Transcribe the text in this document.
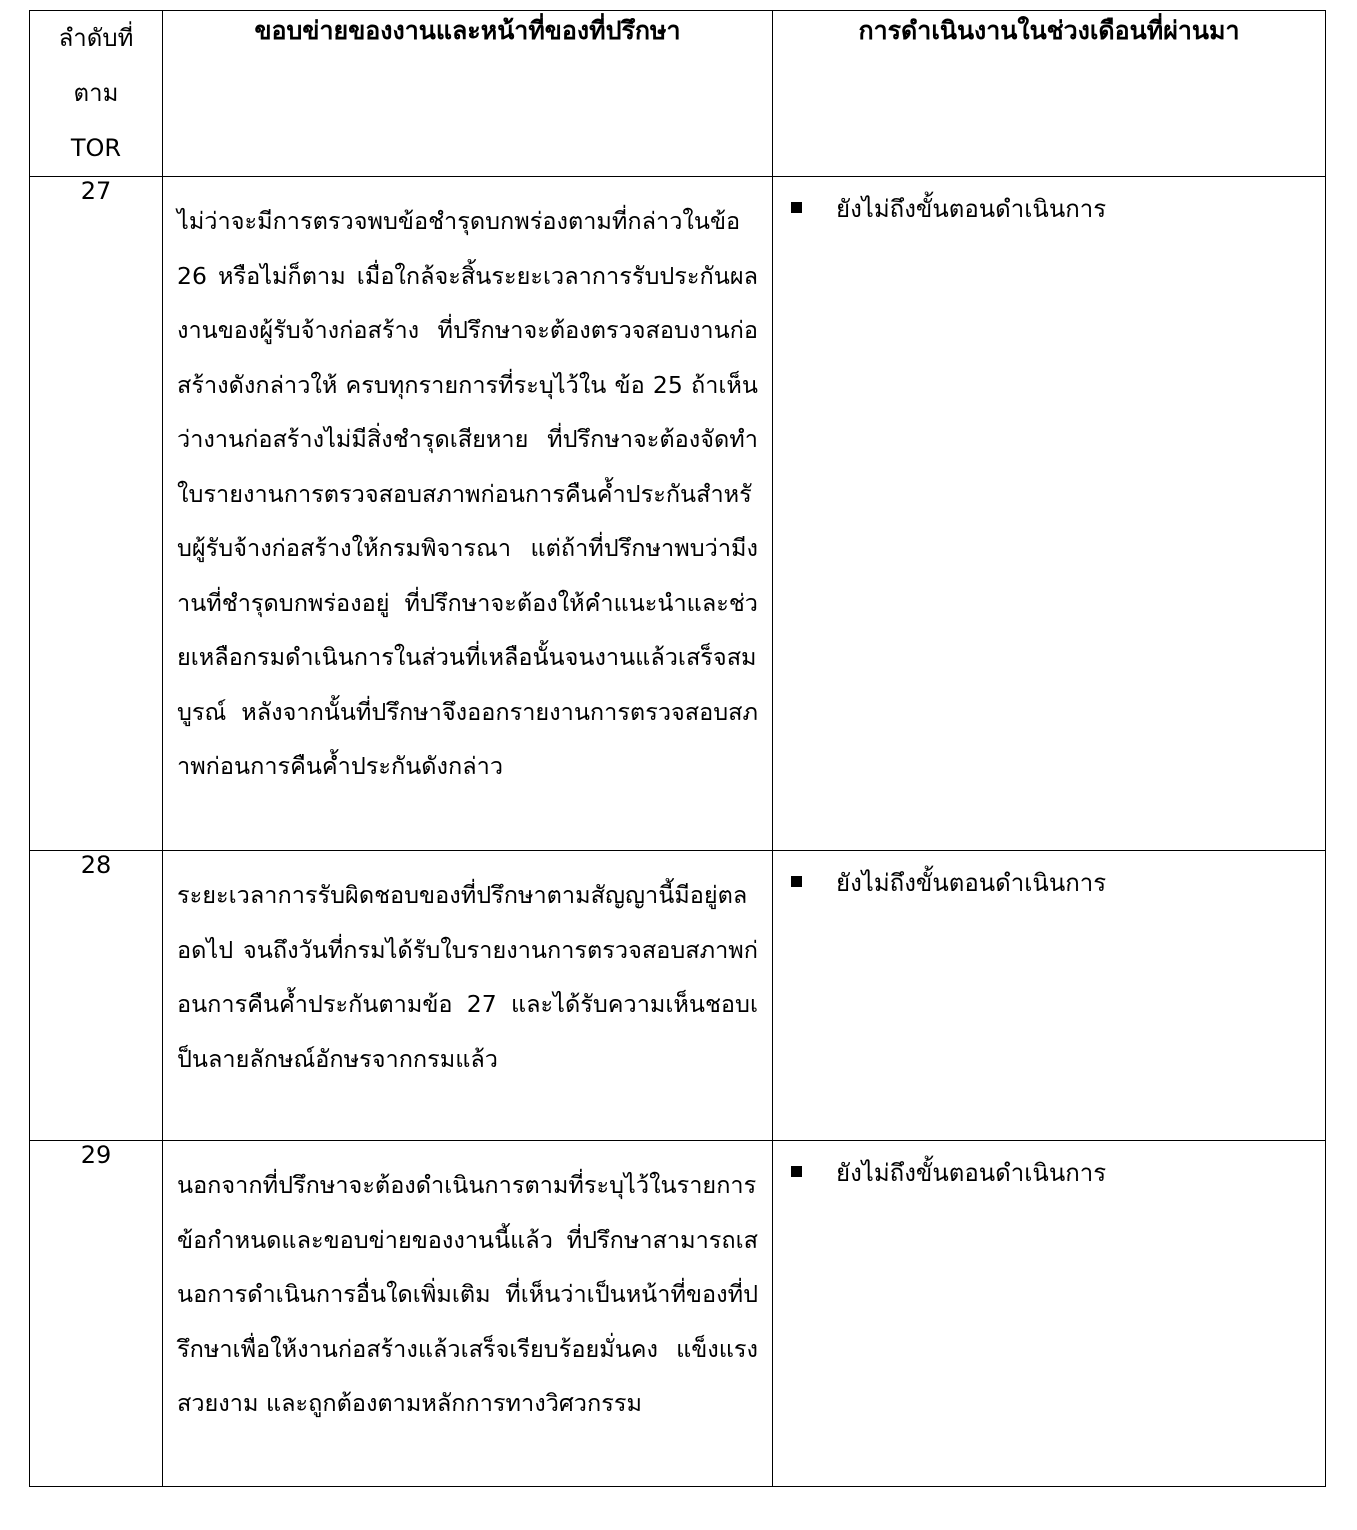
ลำดับที่
ตาม
TOR	ขอบข่ายของงานและหน้าที่ของที่ปรึกษา	การดำเนินงานในช่วงเดือนที่ผ่านมา
27	ไม่ว่าจะมีการตรวจพบข้อชำรุดบกพร่องตามที่กล่าวในข้อ 26 หรือไม่ก็ตาม เมื่อใกล้จะสิ้นระยะเวลาการรับประกันผลงานของผู้รับจ้างก่อสร้าง ที่ปรึกษาจะต้องตรวจสอบงานก่อสร้างดังกล่าวให้ ครบทุกรายการที่ระบุไว้ใน ข้อ 25 ถ้าเห็นว่างานก่อสร้างไม่มีสิ่งชำรุดเสียหาย ที่ปรึกษาจะต้องจัดทำใบรายงานการตรวจสอบสภาพก่อนการคืนค้ำประกันสำหรับผู้รับจ้างก่อสร้างให้กรมพิจารณา แต่ถ้าที่ปรึกษาพบว่ามีงานที่ชำรุดบกพร่องอยู่ ที่ปรึกษาจะต้องให้คำแนะนำและช่วยเหลือกรมดำเนินการในส่วนที่เหลือนั้นจนงานแล้วเสร็จสมบูรณ์ หลังจากนั้นที่ปรึกษาจึงออกรายงานการตรวจสอบสภาพก่อนการคืนค้ำประกันดังกล่าว	ยังไม่ถึงขั้นตอนดำเนินการ

28	ระยะเวลาการรับผิดชอบของที่ปรึกษาตามสัญญานี้มีอยู่ตลอดไป จนถึงวันที่กรมได้รับใบรายงานการตรวจสอบสภาพก่อนการคืนค้ำประกันตามข้อ 27 และได้รับความเห็นชอบเป็นลายลักษณ์อักษรจากกรมแล้ว	ยังไม่ถึงขั้นตอนดำเนินการ

29	นอกจากที่ปรึกษาจะต้องดำเนินการตามที่ระบุไว้ในรายการข้อกำหนดและขอบข่ายของงานนี้แล้ว ที่ปรึกษาสามารถเสนอการดำเนินการอื่นใดเพิ่มเติม ที่เห็นว่าเป็นหน้าที่ของที่ปรึกษาเพื่อให้งานก่อสร้างแล้วเสร็จเรียบร้อยมั่นคง แข็งแรง สวยงาม และถูกต้องตามหลักการทางวิศวกรรม	ยังไม่ถึงขั้นตอนดำเนินการ
